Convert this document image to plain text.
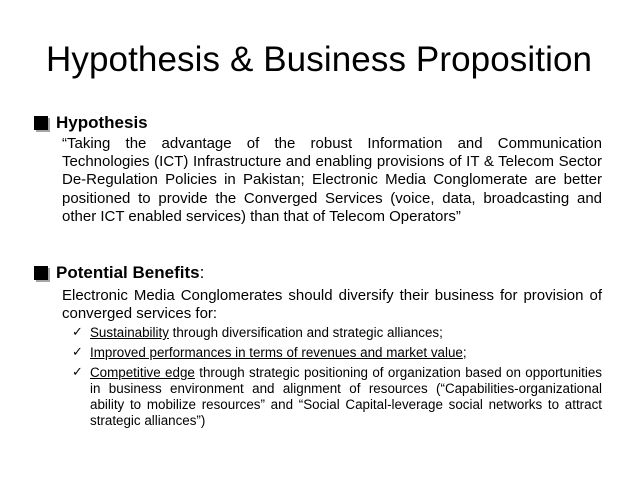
Hypothesis & Business Proposition
Hypothesis
“Taking the advantage of the robust Information and Communication Technologies (ICT) Infrastructure and enabling provisions of IT & Telecom Sector De-Regulation Policies in Pakistan; Electronic Media Conglomerate are better positioned to provide the Converged Services (voice, data, broadcasting and other ICT enabled services) than that of Telecom Operators”
Potential Benefits :
Electronic Media Conglomerates should diversify their business for provision of converged services for:
✓ Sustainability through diversification and strategic alliances;
✓ Improved performances in terms of revenues and market value;
✓ Competitive edge through strategic positioning of organization based on opportunities in business environment and alignment of resources (“Capabilities-organizational ability to mobilize resources” and “Social Capital-leverage social networks to attract strategic alliances”)
